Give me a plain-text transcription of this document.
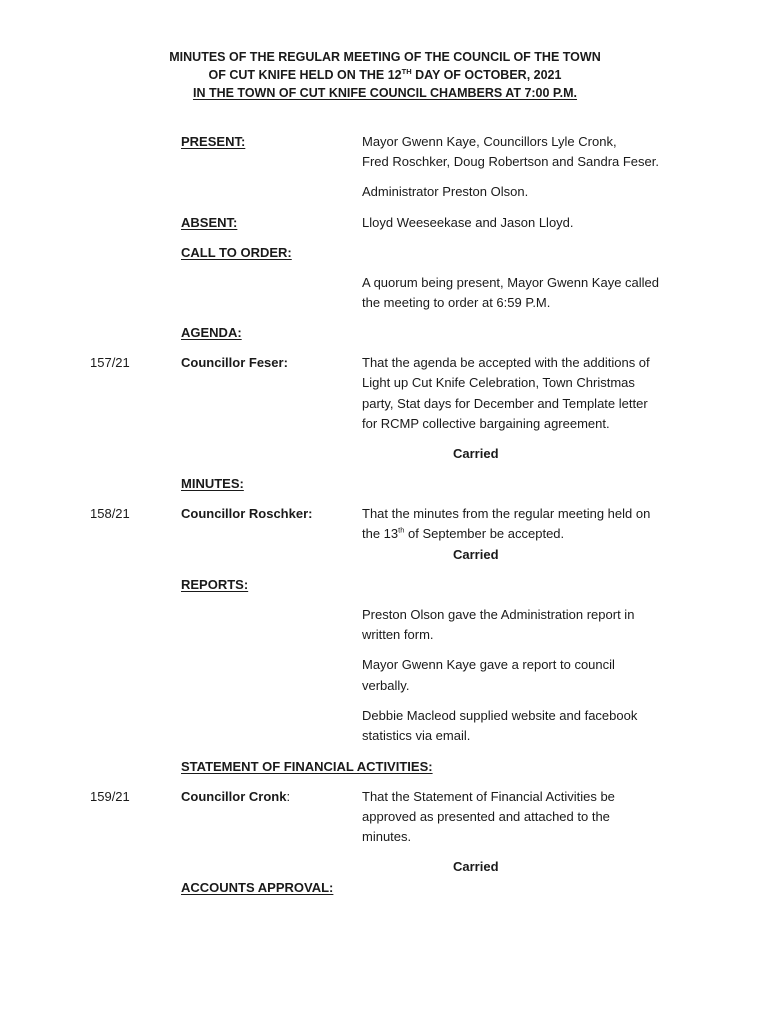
MINUTES OF THE REGULAR MEETING OF THE COUNCIL OF THE TOWN
OF CUT KNIFE HELD ON THE 12TH DAY OF OCTOBER, 2021
IN THE TOWN OF CUT KNIFE COUNCIL CHAMBERS AT 7:00 P.M.
PRESENT:	Mayor Gwenn Kaye, Councillors Lyle Cronk,
Fred Roschker, Doug Robertson and Sandra Feser.
Administrator Preston Olson.
ABSENT:	Lloyd Weeseekase and Jason Lloyd.
CALL TO ORDER:
A quorum being present, Mayor Gwenn Kaye called
the meeting to order at 6:59 P.M.
AGENDA:
157/21	Councillor Feser:	That the agenda be accepted with the additions of
Light up Cut Knife Celebration, Town Christmas
party, Stat days for December and Template letter
for RCMP collective bargaining agreement.
Carried
MINUTES:
158/21	Councillor Roschker:	That the minutes from the regular meeting held on
the 13th of September be accepted.
Carried
REPORTS:
Preston Olson gave the Administration report in
written form.
Mayor Gwenn Kaye gave a report to council
verbally.
Debbie Macleod supplied website and facebook
statistics via email.
STATEMENT OF FINANCIAL ACTIVITIES:
159/21	Councillor Cronk:	That the Statement of Financial Activities be
approved as presented and attached to the
minutes.
Carried
ACCOUNTS APPROVAL:
